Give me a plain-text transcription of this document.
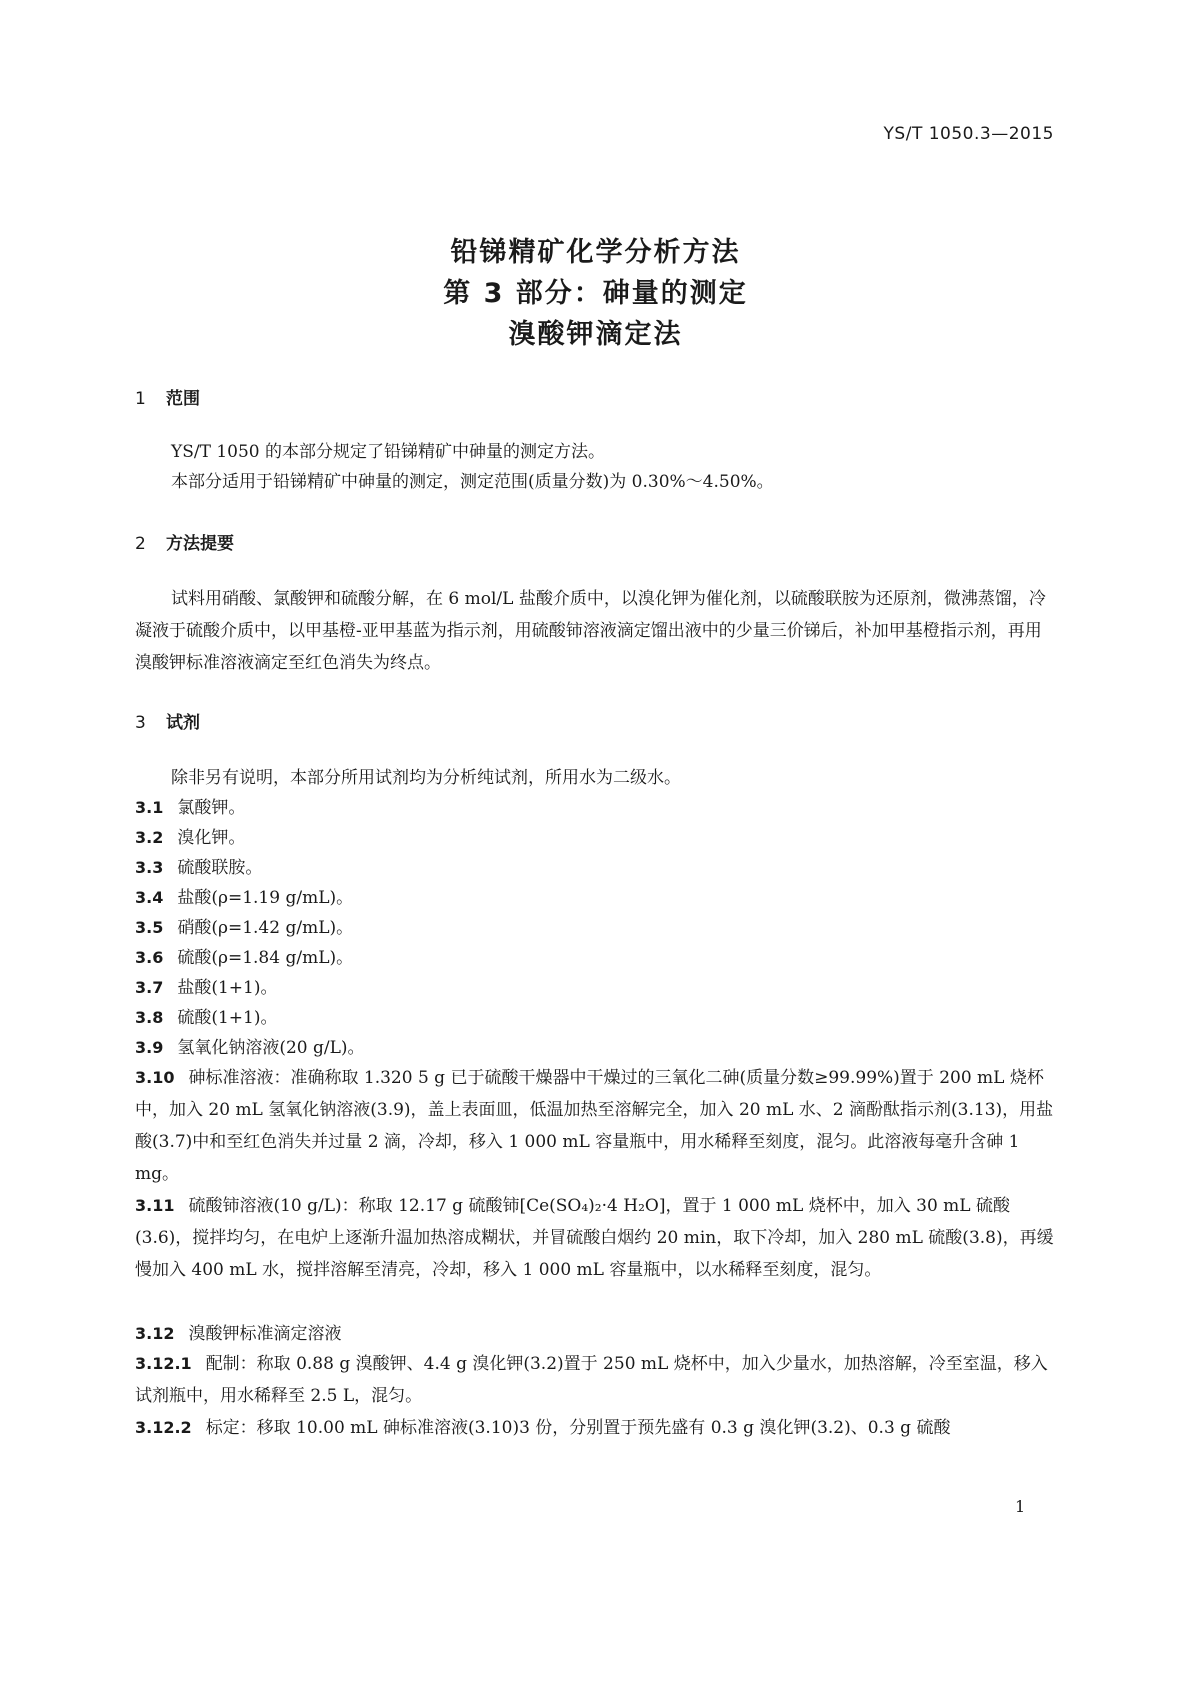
YS/T 1050.3—2015
铅锑精矿化学分析方法
第 3 部分：砷量的测定
溴酸钾滴定法
1 范围

YS/T 1050 的本部分规定了铅锑精矿中砷量的测定方法。

本部分适用于铅锑精矿中砷量的测定，测定范围(质量分数)为 0.30%～4.50%。

2 方法提要

试料用硝酸、氯酸钾和硫酸分解，在 6 mol/L 盐酸介质中，以溴化钾为催化剂，以硫酸联胺为还原剂，微沸蒸馏，冷凝液于硫酸介质中，以甲基橙-亚甲基蓝为指示剂，用硫酸铈溶液滴定馏出液中的少量三价锑后，补加甲基橙指示剂，再用溴酸钾标准溶液滴定至红色消失为终点。

3 试剂

除非另有说明，本部分所用试剂均为分析纯试剂，所用水为二级水。

3.1 氯酸钾。

3.2 溴化钾。

3.3 硫酸联胺。

3.4 盐酸(ρ=1.19 g/mL)。

3.5 硝酸(ρ=1.42 g/mL)。

3.6 硫酸(ρ=1.84 g/mL)。

3.7 盐酸(1+1)。

3.8 硫酸(1+1)。

3.9 氢氧化钠溶液(20 g/L)。

3.10 砷标准溶液：准确称取 1.320 5 g 已于硫酸干燥器中干燥过的三氧化二砷(质量分数≥99.99%)置于 200 mL 烧杯中，加入 20 mL 氢氧化钠溶液(3.9)，盖上表面皿，低温加热至溶解完全，加入 20 mL 水、2 滴酚酞指示剂(3.13)，用盐酸(3.7)中和至红色消失并过量 2 滴，冷却，移入 1 000 mL 容量瓶中，用水稀释至刻度，混匀。此溶液每毫升含砷 1 mg。

3.11 硫酸铈溶液(10 g/L)：称取 12.17 g 硫酸铈[Ce(SO₄)₂·4 H₂O]，置于 1 000 mL 烧杯中，加入 30 mL 硫酸(3.6)，搅拌均匀，在电炉上逐渐升温加热溶成糊状，并冒硫酸白烟约 20 min，取下冷却，加入 280 mL 硫酸(3.8)，再缓慢加入 400 mL 水，搅拌溶解至清亮，冷却，移入 1 000 mL 容量瓶中，以水稀释至刻度，混匀。

3.12 溴酸钾标准滴定溶液

3.12.1 配制：称取 0.88 g 溴酸钾、4.4 g 溴化钾(3.2)置于 250 mL 烧杯中，加入少量水，加热溶解，冷至室温，移入试剂瓶中，用水稀释至 2.5 L，混匀。

3.12.2 标定：移取 10.00 mL 砷标准溶液(3.10)3 份，分别置于预先盛有 0.3 g 溴化钾(3.2)、0.3 g 硫酸

1
